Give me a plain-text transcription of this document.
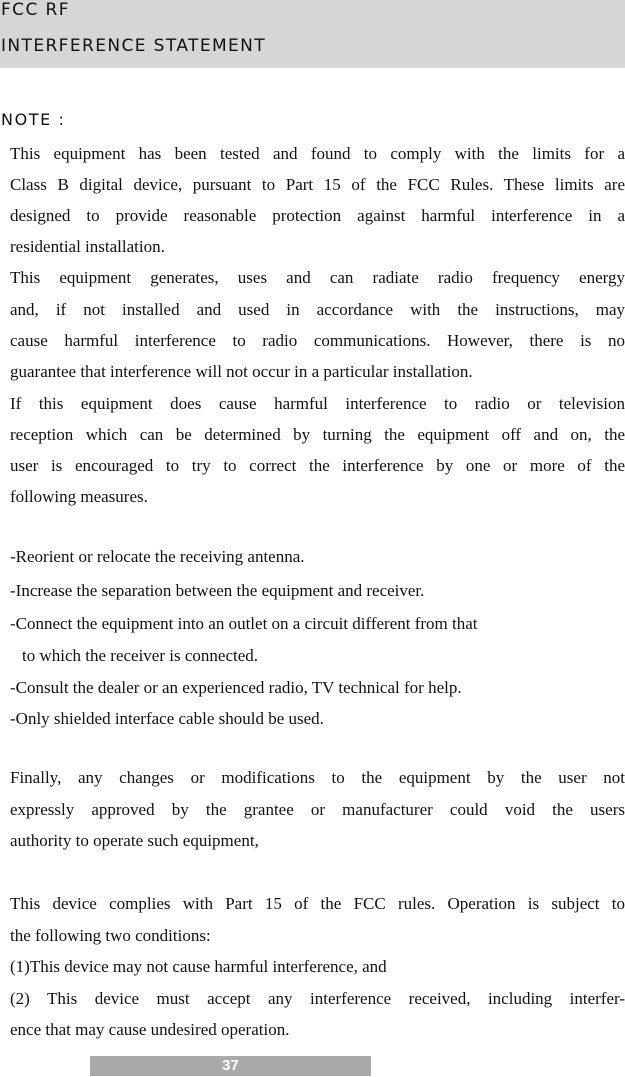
FCC RF
INTERFERENCE STATEMENT
NOTE :
This equipment has been tested and found to comply with the limits for a
Class B digital device, pursuant to Part 15 of the FCC Rules. These limits are
designed to provide reasonable protection against harmful interference in a
residential installation.
This equipment generates, uses and can radiate radio frequency energy
and, if not installed and used in accordance with the instructions, may
cause harmful interference to radio communications. However, there is no
guarantee that interference will not occur in a particular installation.
If this equipment does cause harmful interference to radio or television
reception which can be determined by turning the equipment off and on, the
user is encouraged to try to correct the interference by one or more of the
following measures.
-Reorient or relocate the receiving antenna.
-Increase the separation between the equipment and receiver.
-Connect the equipment into an outlet on a circuit different from that
to which the receiver is connected.
-Consult the dealer or an experienced radio, TV technical for help.
-Only shielded interface cable should be used.
Finally, any changes or modifications to the equipment by the user not
expressly approved by the grantee or manufacturer could void the users
authority to operate such equipment,
This device complies with Part 15 of the FCC rules. Operation is subject to
the following two conditions:
(1)This device may not cause harmful interference, and
(2) This device must accept any interference received, including interfer-
ence that may cause undesired operation.
37
